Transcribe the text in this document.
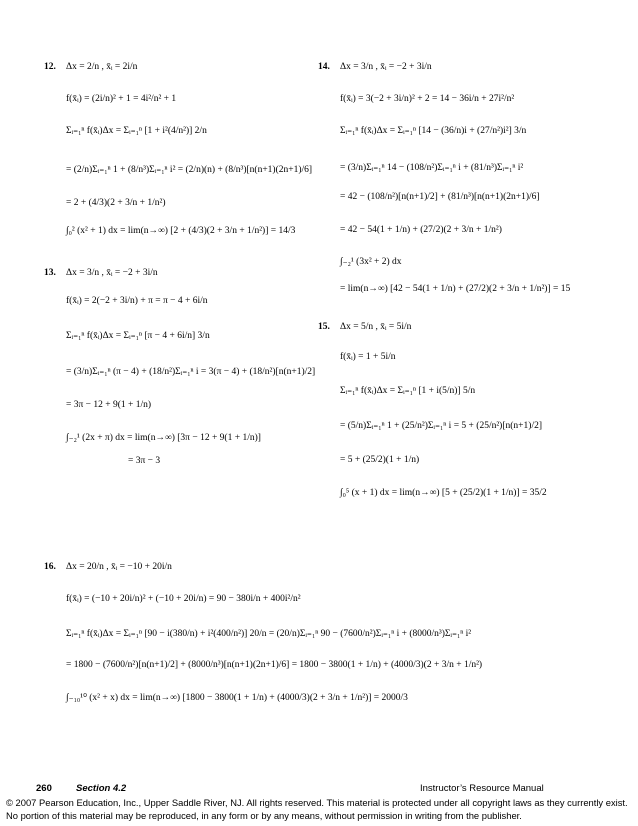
12. Δx = 2/n , x̄ᵢ = 2i/n
f(x̄ᵢ) = (2i/n)² + 1 = 4i²/n² + 1
Σᵢ₌₁ⁿ f(x̄ᵢ)Δx = Σᵢ₌₁ⁿ [1 + i²(4/n²)] 2/n
= (2/n)Σᵢ₌₁ⁿ 1 + (8/n³)Σᵢ₌₁ⁿ i² = (2/n)(n) + (8/n³)[n(n+1)(2n+1)/6]
= 2 + (4/3)(2 + 3/n + 1/n²)
∫₀² (x² + 1) dx = lim(n→∞) [2 + (4/3)(2 + 3/n + 1/n²)] = 14/3
13. Δx = 3/n , x̄ᵢ = −2 + 3i/n
f(x̄ᵢ) = 2(−2 + 3i/n) + π = π − 4 + 6i/n
Σᵢ₌₁ⁿ f(x̄ᵢ)Δx = Σᵢ₌₁ⁿ [π − 4 + 6i/n] 3/n
= (3/n)Σᵢ₌₁ⁿ (π − 4) + (18/n²)Σᵢ₌₁ⁿ i = 3(π − 4) + (18/n²)[n(n+1)/2]
= 3π − 12 + 9(1 + 1/n)
∫₋₂¹ (2x + π) dx = lim(n→∞) [3π − 12 + 9(1 + 1/n)]
= 3π − 3
14. Δx = 3/n , x̄ᵢ = −2 + 3i/n
f(x̄ᵢ) = 3(−2 + 3i/n)² + 2 = 14 − 36i/n + 27i²/n²
Σᵢ₌₁ⁿ f(x̄ᵢ)Δx = Σᵢ₌₁ⁿ [14 − (36/n)i + (27/n²)i²] 3/n
= (3/n)Σᵢ₌₁ⁿ 14 − (108/n²)Σᵢ₌₁ⁿ i + (81/n³)Σᵢ₌₁ⁿ i²
= 42 − (108/n²)[n(n+1)/2] + (81/n³)[n(n+1)(2n+1)/6]
= 42 − 54(1 + 1/n) + (27/2)(2 + 3/n + 1/n²)
∫₋₂¹ (3x² + 2) dx
= lim(n→∞) [42 − 54(1 + 1/n) + (27/2)(2 + 3/n + 1/n²)] = 15
15. Δx = 5/n , x̄ᵢ = 5i/n
f(x̄ᵢ) = 1 + 5i/n
Σᵢ₌₁ⁿ f(x̄ᵢ)Δx = Σᵢ₌₁ⁿ [1 + i(5/n)] 5/n
= (5/n)Σᵢ₌₁ⁿ 1 + (25/n²)Σᵢ₌₁ⁿ i = 5 + (25/n²)[n(n+1)/2]
= 5 + (25/2)(1 + 1/n)
∫₀⁵ (x + 1) dx = lim(n→∞) [5 + (25/2)(1 + 1/n)] = 35/2
16. Δx = 20/n , x̄ᵢ = −10 + 20i/n
f(x̄ᵢ) = (−10 + 20i/n)² + (−10 + 20i/n) = 90 − 380i/n + 400i²/n²
Σᵢ₌₁ⁿ f(x̄ᵢ)Δx = Σᵢ₌₁ⁿ [90 − i(380/n) + i²(400/n²)] 20/n = (20/n)Σᵢ₌₁ⁿ 90 − (7600/n²)Σᵢ₌₁ⁿ i + (8000/n³)Σᵢ₌₁ⁿ i²
= 1800 − (7600/n²)[n(n+1)/2] + (8000/n³)[n(n+1)(2n+1)/6] = 1800 − 3800(1 + 1/n) + (4000/3)(2 + 3/n + 1/n²)
∫₋₁₀¹⁰ (x² + x) dx = lim(n→∞) [1800 − 3800(1 + 1/n) + (4000/3)(2 + 3/n + 1/n²)] = 2000/3
260	Section 4.2	Instructor’s Resource Manual
© 2007 Pearson Education, Inc., Upper Saddle River, NJ. All rights reserved. This material is protected under all copyright laws as they currently exist. No portion of this material may be reproduced, in any form or by any means, without permission in writing from the publisher.
